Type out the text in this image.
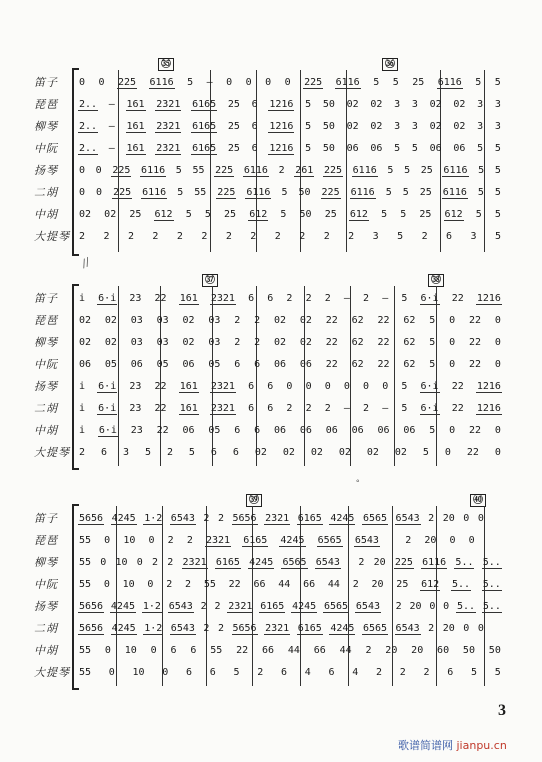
㉟	㊱
笛子	0 0 225 6116 5 — 0 0 0 0 225 6116 5 5 25 6116 5 5
琵琶	2.. — 161 2321 6165 25 6 1216 5 50 02 02 3 3 02 02 3 3
柳琴	2.. — 161 2321 6165 25 6 1216 5 50 02 02 3 3 02 02 3 3
中阮	2.. — 161 2321 6165 25 6 1216 5 50 06 06 5 5 06 06 5 5
扬琴	0 0 225 6116 5 55 225 6116 2 261 225 6116 5 5 25 6116 5 5
二胡	0 0 225 6116 5 55 225 6116 5 50 225 6116 5 5 25 6116 5 5
中胡	02 02 25 612 5 5 25 612 5 50 25 612 5 5 25 612 5 5
大提琴 2 2 2 2 2 2 2 2 2 2 2 2 3 5 2 6 3 5
//
㊲	㊳
笛子	i 6·i 23 22 161 2321 6 6 2 2 2 — 2 — 5 6·i 22 1216
琵琶	02 02 03 03 02 03 2 2 02 02 22 62 22 62 5 0 22 0
柳琴	02 02 03 03 02 03 2 2 02 02 22 62 22 62 5 0 22 0
中阮	06 05 06 05 06 05 6 6 06 06 22 62 22 62 5 0 22 0
扬琴	i 6·i 23 22 161 2321 6 6 0 0 0 0 0 0 5 6·i 22 1216
二胡	i 6·i 23 22 161 2321 6 6 2 2 2 — 2 — 5 6·i 22 1216
中胡	i 6·i 23 22 06 05 6 6 06 06 06 06 06 06 5 0 22 0
大提琴 2 6 3 5 2 5 6 6 02 02 02 02 02 02 5 0 22 0
◦
㊴	㊵
笛子	5656 4245 1·2 6543 2 2 5656 2321 6165 4245 6565 6543 2 20 0 0
琵琶	55 0 10 0 2 2 2321 6165 4245 6565 6543	2 20 0 0
柳琴	55 0 10 0 2 2 2321 6165 4245 6565 6543 2 20 225 6116 5.. 5..
中阮	55 0 10 0 2 2 55 22 66 44 66 44 2 20 25 612 5.. 5..
扬琴	5656 4245 1·2 6543 2 2 2321 6165 4245 6565 6543 2 20 0 0 5.. 5..
二胡	5656 4245 1·2 6543 2 2 5656 2321 6165 4245 6565 6543 2 20 0 0
中胡	55 0 10 0 6 6 55 22 66 44 66 44 2 20 20 60 50 50
大提琴 55 0 10 0 6 6 5 2 6 4 6 4 2 2 2 6 5 5
3
歌谱简谱网 jianpu.cn
